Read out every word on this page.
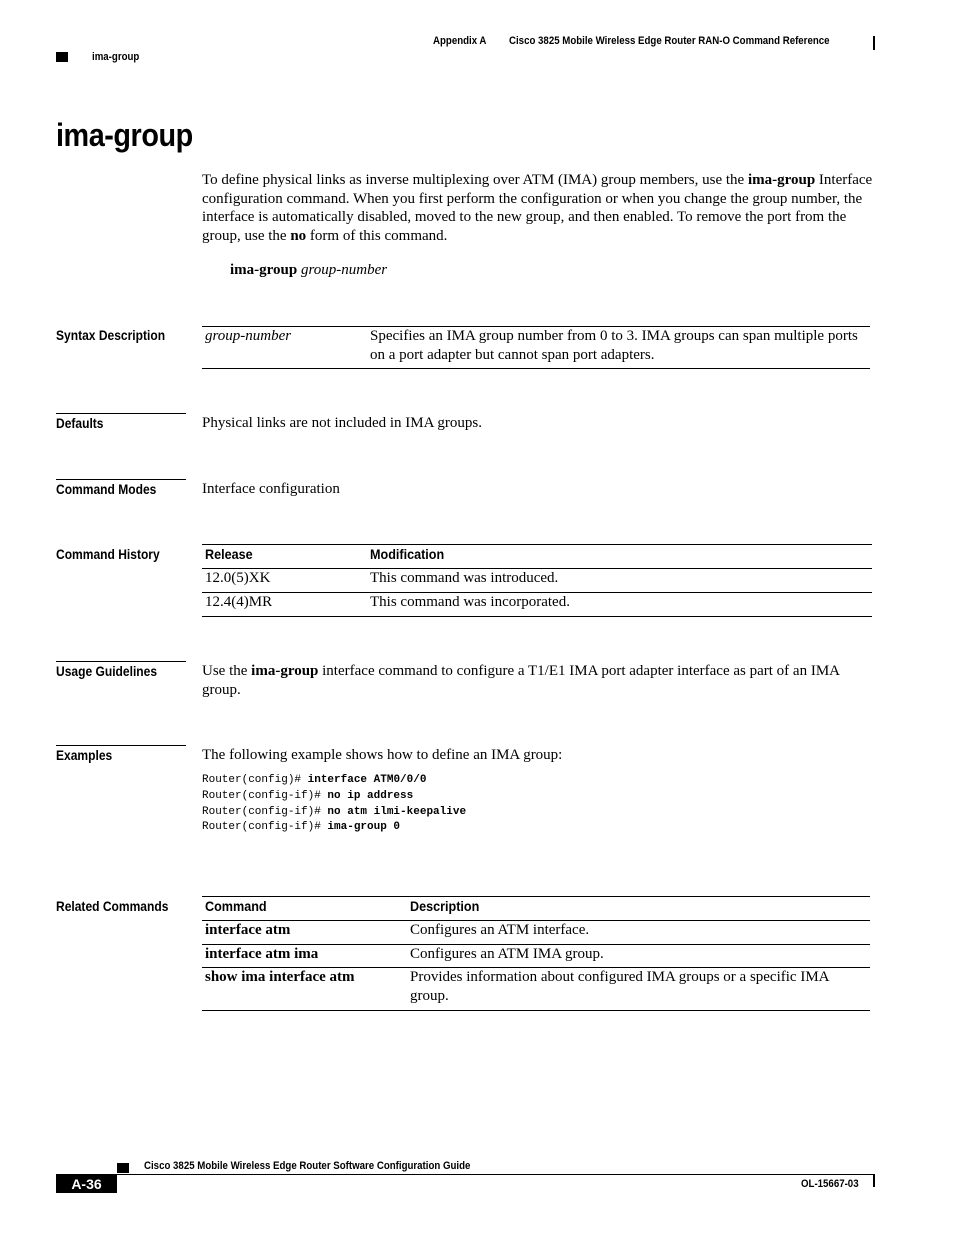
Appendix A Cisco 3825 Mobile Wireless Edge Router RAN-O Command Reference
ima-group
ima-group
To define physical links as inverse multiplexing over ATM (IMA) group members, use the ima-group Interface configuration command. When you first perform the configuration or when you change the group number, the interface is automatically disabled, moved to the new group, and then enabled. To remove the port from the group, use the no form of this command.
ima-group group-number
Syntax Description	group-number	Specifies an IMA group number from 0 to 3. IMA groups can span multiple ports on a port adapter but cannot span port adapters.
Defaults	Physical links are not included in IMA groups.
Command Modes	Interface configuration
Command History	Release	Modification
12.0(5)XK	This command was introduced.
12.4(4)MR	This command was incorporated.
Usage Guidelines	Use the ima-group interface command to configure a T1/E1 IMA port adapter interface as part of an IMA group.
Examples	The following example shows how to define an IMA group:
Router(config)# interface ATM0/0/0
Router(config-if)# no ip address
Router(config-if)# no atm ilmi-keepalive
Router(config-if)# ima-group 0
Related Commands	Command	Description
interface atm	Configures an ATM interface.
interface atm ima	Configures an ATM IMA group.
show ima interface atm	Provides information about configured IMA groups or a specific IMA group.
Cisco 3825 Mobile Wireless Edge Router Software Configuration Guide
A-36	OL-15667-03
